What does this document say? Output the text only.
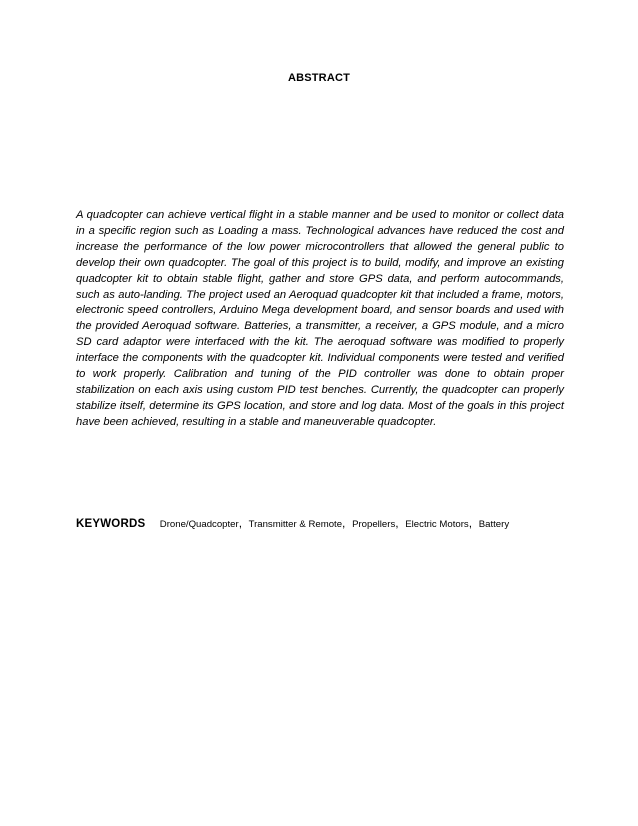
ABSTRACT

A quadcopter can achieve vertical flight in a stable manner and be used to monitor or collect data in a specific region such as Loading a mass. Technological advances have reduced the cost and increase the performance of the low power microcontrollers that allowed the general public to develop their own quadcopter. The goal of this project is to build, modify, and improve an existing quadcopter kit to obtain stable flight, gather and store GPS data, and perform autocommands, such as auto-landing. The project used an Aeroquad quadcopter kit that included a frame, motors, electronic speed controllers, Arduino Mega development board, and sensor boards and used with the provided Aeroquad software. Batteries, a transmitter, a receiver, a GPS module, and a micro SD card adaptor were interfaced with the kit. The aeroquad software was modified to properly interface the components with the quadcopter kit. Individual components were tested and verified to work properly. Calibration and tuning of the PID controller was done to obtain proper stabilization on each axis using custom PID test benches. Currently, the quadcopter can properly stabilize itself, determine its GPS location, and store and log data. Most of the goals in this project have been achieved, resulting in a stable and maneuverable quadcopter.

KEYWORDS Drone/Quadcopter, Transmitter & Remote, Propellers, Electric Motors, Battery
